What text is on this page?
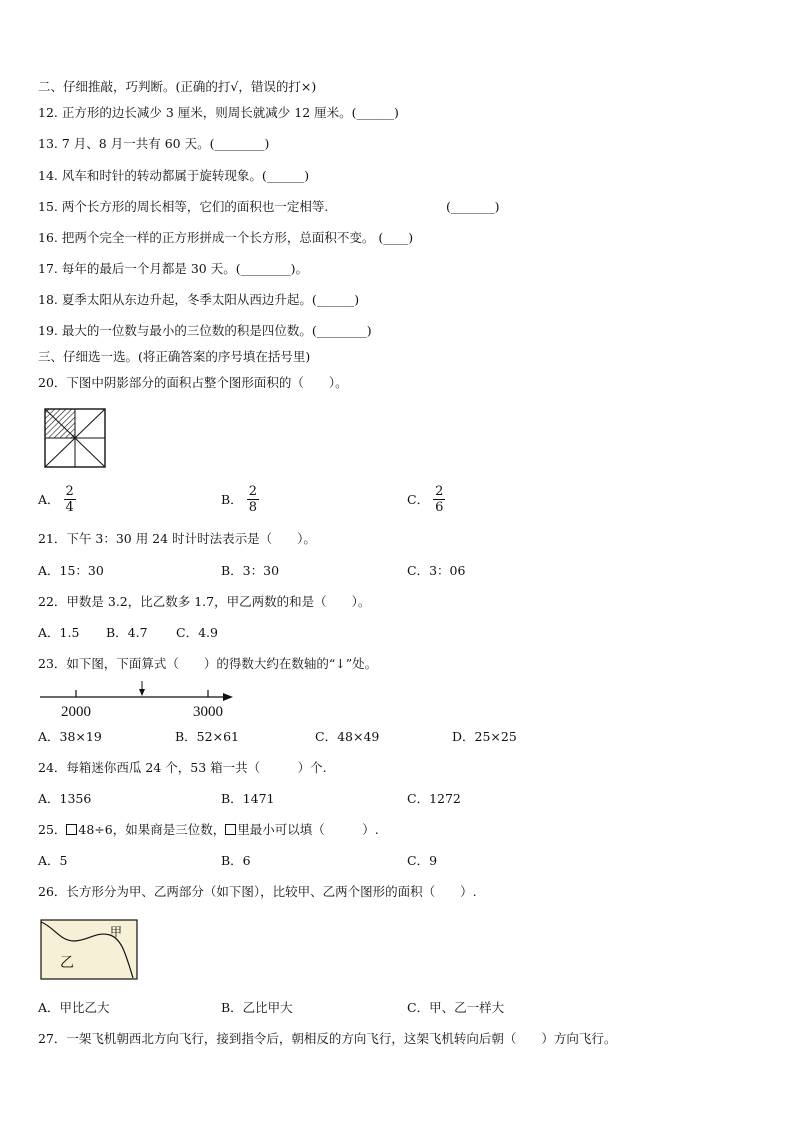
二、仔细推敲，巧判断。(正确的打√，错误的打×)
12. 正方形的边长减少 3 厘米，则周长就减少 12 厘米。(______)
13. 7 月、8 月一共有 60 天。(________)
14. 风车和时针的转动都属于旋转现象。(______)
15. 两个长方形的周长相等，它们的面积也一定相等.	(_______)
16. 把两个完全一样的正方形拼成一个长方形，总面积不变。 (____)
17. 每年的最后一个月都是 30 天。(________)。
18. 夏季太阳从东边升起，冬季太阳从西边升起。(______)
19. 最大的一位数与最小的三位数的积是四位数。(________)
三、仔细选一选。(将正确答案的序号填在括号里)
20．下图中阴影部分的面积占整个图形面积的（　　）。
A． $\frac{2}{4}$	B． $\frac{2}{8}$	C． $\frac{2}{6}$
21．下午 3：30 用 24 时计时法表示是（　　）。
A．15：30	B．3：30	C．3：06
22．甲数是 3.2，比乙数多 1.7，甲乙两数的和是（　　）。
A．1.5 B．4.7 C．4.9
23．如下图，下面算式（　　）的得数大约在数轴的“↓”处。
2000	3000
A．38×19	B．52×61	C．48×49	D．25×25
24．每箱迷你西瓜 24 个，53 箱一共（　　　）个.
A．1356	B．1471	C．1272
25． 48÷6，如果商是三位数， 里最小可以填（　　　）.
A．5	B．6	C．9
26．长方形分为甲、乙两部分（如下图），比较甲、乙两个图形的面积（　　）.
甲
乙
A．甲比乙大	B．乙比甲大	C．甲、乙一样大
27．一架飞机朝西北方向飞行，接到指令后，朝相反的方向飞行，这架飞机转向后朝（　　）方向飞行。
